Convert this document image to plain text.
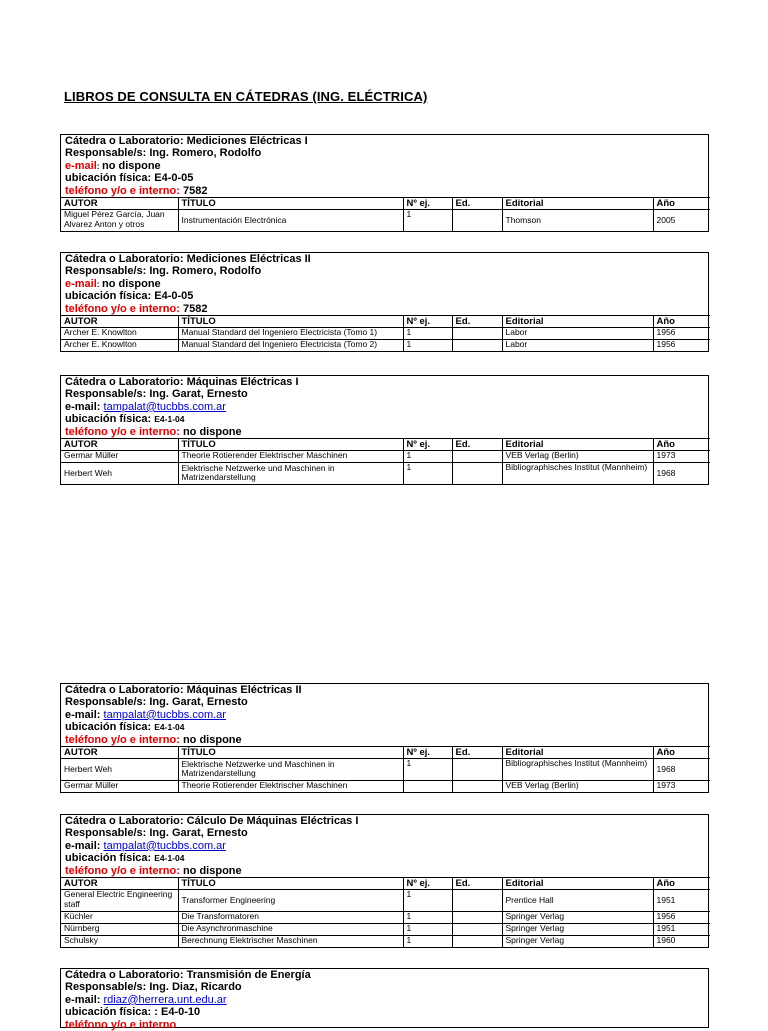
LIBROS DE CONSULTA EN CÁTEDRAS (ING. ELÉCTRICA)
Cátedra o Laboratorio: Mediciones Eléctricas I
Responsable/s: Ing. Romero, Rodolfo
e-mail: no dispone
ubicación física: E4-0-05
teléfono y/o e interno: 7582
AUTOR	TÍTULO	Nº ej.	Ed.	Editorial	Año
Miguel Pérez García, Juan Alvarez Anton y otros	Instrumentación Electrónica	1		Thomson	2005
Cátedra o Laboratorio: Mediciones Eléctricas II
Responsable/s: Ing. Romero, Rodolfo
e-mail: no dispone
ubicación física: E4-0-05
teléfono y/o e interno: 7582
AUTOR	TÍTULO	Nº ej.	Ed.	Editorial	Año
Archer E. Knowlton	Manual Standard del Ingeniero Electricista (Tomo 1)	1		Labor	1956
Archer E. Knowlton	Manual Standard del Ingeniero Electricista (Tomo 2)	1		Labor	1956
Cátedra o Laboratorio: Máquinas Eléctricas I
Responsable/s: Ing. Garat, Ernesto
e-mail: tampalat@tucbbs.com.ar
ubicación física: E4-1-04
teléfono y/o e interno: no dispone
AUTOR	TÍTULO	Nº ej.	Ed.	Editorial	Año
Germar Müller	Theorie Rotierender Elektrischer Maschinen	1		VEB Verlag (Berlin)	1973
Herbert Weh	Elektrische Netzwerke und Maschinen in Matrizendarstellung	1		Bibliographisches Institut (Mannheim)	1968
Cátedra o Laboratorio: Máquinas Eléctricas II
Responsable/s: Ing. Garat, Ernesto
e-mail: tampalat@tucbbs.com.ar
ubicación física: E4-1-04
teléfono y/o e interno: no dispone
AUTOR	TÍTULO	Nº ej.	Ed.	Editorial	Año
Herbert Weh	Elektrische Netzwerke und Maschinen in Matrizendarstellung	1		Bibliographisches Institut (Mannheim)	1968
Germar Müller	Theorie Rotierender Elektrischer Maschinen			VEB Verlag (Berlin)	1973
Cátedra o Laboratorio: Cálculo De Máquinas Eléctricas I
Responsable/s: Ing. Garat, Ernesto
e-mail: tampalat@tucbbs.com.ar
ubicación física: E4-1-04
teléfono y/o e interno: no dispone
AUTOR	TÍTULO	Nº ej.	Ed.	Editorial	Año
General Electric Engineering staff	Transformer Engineering	1		Prentice Hall	1951
Küchler	Die Transformatoren	1		Springer Verlag	1956
Nürnberg	Die Asynchronmaschine	1		Springer Verlag	1951
Schulsky	Berechnung Elektrischer Maschinen	1		Springer Verlag	1960
Cátedra o Laboratorio: Transmisión de Energía
Responsable/s: Ing. Diaz, Ricardo
e-mail: rdiaz@herrera.unt.edu.ar
ubicación física: : E4-0-10
teléfono y/o e interno
